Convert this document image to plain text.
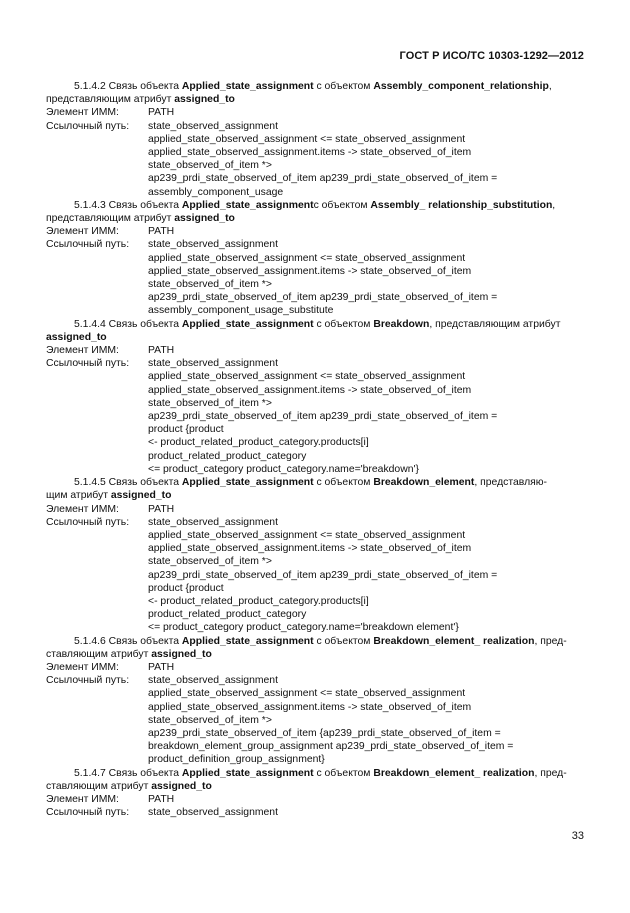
ГОСТ Р ИСО/ТС 10303-1292—2012

5.1.4.2 Связь объекта Applied_state_assignment с объектом Assembly_component_relationship,

представляющим атрибут assigned_to
Элемент ИММ:	PATH
Ссылочный путь:	state_observed_assignment
applied_state_observed_assignment <= state_observed_assignment
applied_state_observed_assignment.items -> state_observed_of_item
state_observed_of_item *>
ap239_prdi_state_observed_of_item ap239_prdi_state_observed_of_item =
assembly_component_usage

5.1.4.3 Связь объекта Applied_state_assignmentс объектом Assembly_ relationship_substitution,

представляющим атрибут assigned_to
Элемент ИММ:	PATH
Ссылочный путь:	state_observed_assignment
applied_state_observed_assignment <= state_observed_assignment
applied_state_observed_assignment.items -> state_observed_of_item
state_observed_of_item *>
ap239_prdi_state_observed_of_item ap239_prdi_state_observed_of_item =
assembly_component_usage_substitute

5.1.4.4 Связь объекта Applied_state_assignment с объектом Breakdown, представляющим атрибут

assigned_to
Элемент ИММ:	PATH
Ссылочный путь:	state_observed_assignment
applied_state_observed_assignment <= state_observed_assignment
applied_state_observed_assignment.items -> state_observed_of_item
state_observed_of_item *>
ap239_prdi_state_observed_of_item ap239_prdi_state_observed_of_item =
product {product
<- product_related_product_category.products[i]
product_related_product_category
<= product_category product_category.name='breakdown'}

5.1.4.5 Связь объекта Applied_state_assignment с объектом Breakdown_element, представляю-

щим атрибут assigned_to
Элемент ИММ:	PATH
Ссылочный путь:	state_observed_assignment
applied_state_observed_assignment <= state_observed_assignment
applied_state_observed_assignment.items -> state_observed_of_item
state_observed_of_item *>
ap239_prdi_state_observed_of_item ap239_prdi_state_observed_of_item =
product {product
<- product_related_product_category.products[i]
product_related_product_category
<= product_category product_category.name='breakdown element'}

5.1.4.6 Связь объекта Applied_state_assignment с объектом Breakdown_element_ realization, пред-

ставляющим атрибут assigned_to
Элемент ИММ:	PATH
Ссылочный путь:	state_observed_assignment
applied_state_observed_assignment <= state_observed_assignment
applied_state_observed_assignment.items -> state_observed_of_item
state_observed_of_item *>
ap239_prdi_state_observed_of_item {ap239_prdi_state_observed_of_item =
breakdown_element_group_assignment ap239_prdi_state_observed_of_item =
product_definition_group_assignment}

5.1.4.7 Связь объекта Applied_state_assignment с объектом Breakdown_element_ realization, пред-

ставляющим атрибут assigned_to
Элемент ИММ:	PATH
Ссылочный путь:	state_observed_assignment
33
